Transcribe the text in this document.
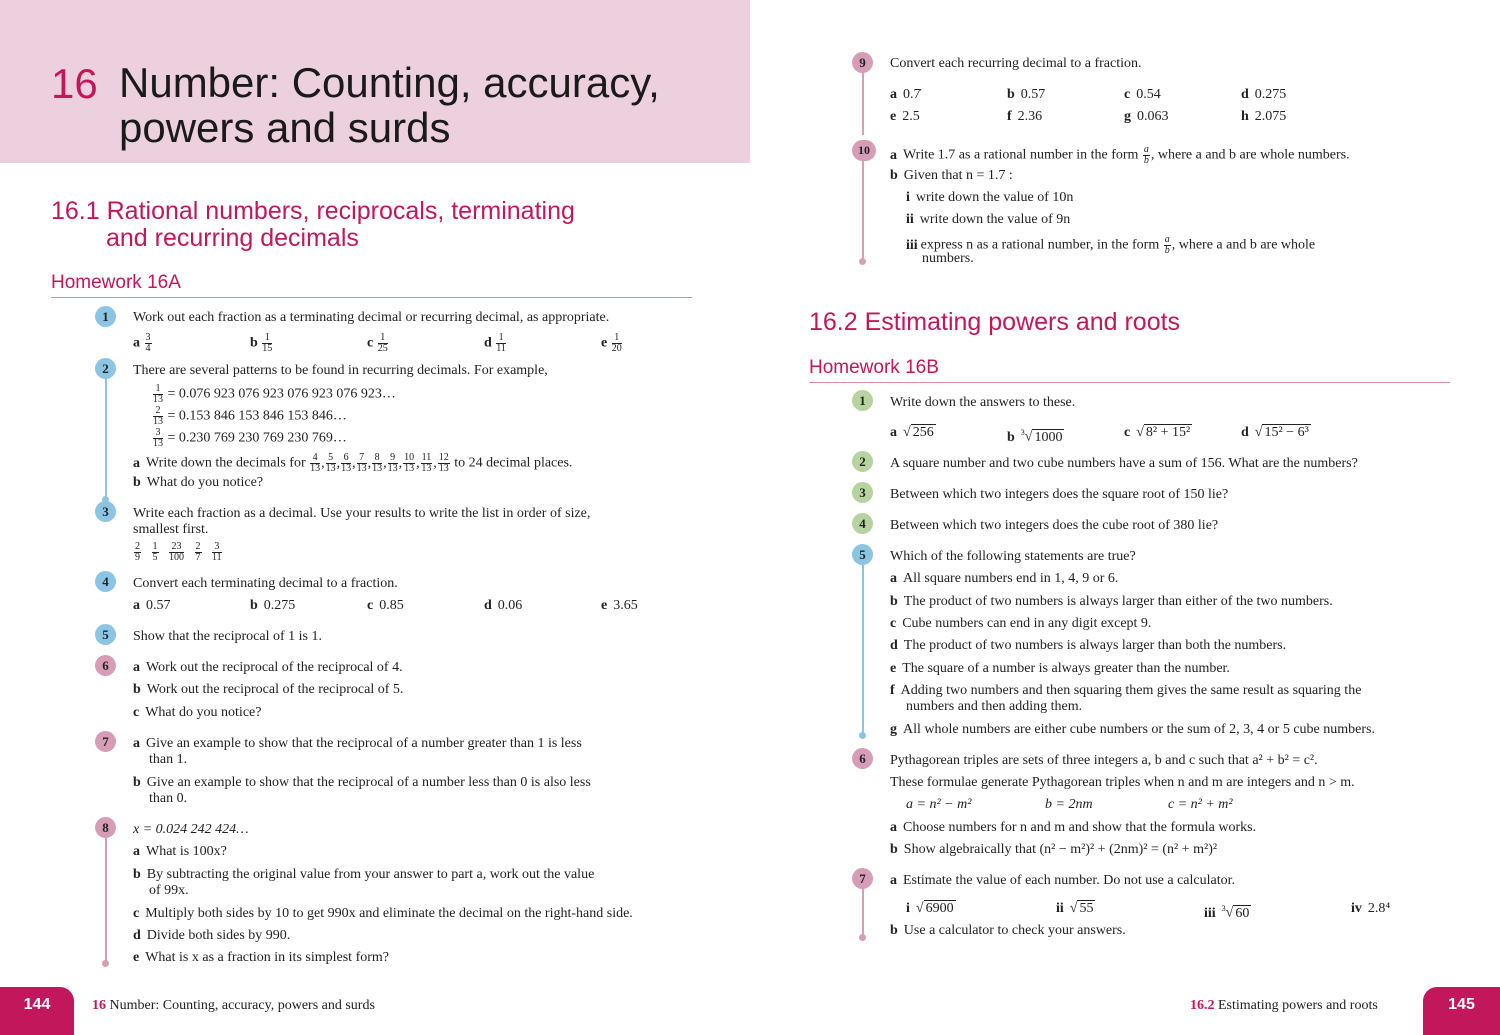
16 Number: Counting, accuracy,
powers and surds
16.1 Rational numbers, reciprocals, terminating
and recurring decimals
Homework 16A
1	Work out each fraction as a terminating decimal or recurring decimal, as appropriate.
a $\frac{3}{4}$	b $\frac{1}{15}$	c $\frac{1}{25}$	d $\frac{1}{11}$	e $\frac{1}{20}$
2	There are several patterns to be found in recurring decimals. For example,
$\frac{1}{13} = 0.076$ 923 076 923 076 923 076 923…
$\frac{2}{13} = 0.153$ 846 153 846 153 846…
$\frac{3}{13} = 0.230$ 769 230 769 230 769…
a Write down the decimals for $\frac{4}{13}$ , $\frac{5}{13}$ , $\frac{6}{13}$ , $\frac{7}{13}$ , $\frac{8}{13}$ , $\frac{9}{13}$ , $\frac{10}{13}$ , $\frac{11}{13}$ , $\frac{12}{13}$ to 24 decimal places.
b What do you notice?
3	Write each fraction as a decimal. Use your results to write the list in order of size,
smallest first.
$\frac{2}{9}$
$\frac{1}{5}$
$\frac{23}{100}$
$\frac{2}{7}$
$\frac{3}{11}$
4	Convert each terminating decimal to a fraction.
a 0.57	b 0.275	c 0.85	d 0.06	e 3.65
5	Show that the reciprocal of 1 is 1.
6	a Work out the reciprocal of the reciprocal of 4.
b Work out the reciprocal of the reciprocal of 5.
c What do you notice?
7	a Give an example to show that the reciprocal of a number greater than 1 is less
than 1.
b Give an example to show that the reciprocal of a number less than 0 is also less
than 0.
8	x = 0.024 242 424…
a What is 100x?
b By subtracting the original value from your answer to part a, work out the value
of 99x.
c Multiply both sides by 10 to get 990x and eliminate the decimal on the right-hand side.
d Divide both sides by 990.
e What is x as a fraction in its simplest form?
144	16 Number: Counting, accuracy, powers and surds
9	Convert each recurring decimal to a fraction.
a 0.7̇	b 0.57	c 0.54	d 0.275
e 2.5	f 2.36	g 0.063	h 2.075
10	a Write 1.7 as a rational number in the form $\frac{a}{b}$ , where a and b are whole numbers.
b Given that n = 1.7 :
i write down the value of 10n
ii write down the value of 9n
iii express n as a rational number, in the form $\frac{a}{b}$ , where a and b are whole
numbers.
16.2 Estimating powers and roots
Homework 16B
1	Write down the answers to these.
a √ 256	b $^3$√ 1000	c √ 8² + 15²	d √ 15² − 6³
2	A square number and two cube numbers have a sum of 156. What are the numbers?
3	Between which two integers does the square root of 150 lie?
4	Between which two integers does the cube root of 380 lie?
5	Which of the following statements are true?
a All square numbers end in 1, 4, 9 or 6.
b The product of two numbers is always larger than either of the two numbers.
c Cube numbers can end in any digit except 9.
d The product of two numbers is always larger than both the numbers.
e The square of a number is always greater than the number.
f Adding two numbers and then squaring them gives the same result as squaring the
numbers and then adding them.
g All whole numbers are either cube numbers or the sum of 2, 3, 4 or 5 cube numbers.
6	Pythagorean triples are sets of three integers a, b and c such that a² + b² = c².
These formulae generate Pythagorean triples when n and m are integers and n > m.
a = n² − m²	b = 2nm	c = n² + m²
a Choose numbers for n and m and show that the formula works.
b Show algebraically that (n² − m²)² + (2nm)² = (n² + m²)²
7	a Estimate the value of each number. Do not use a calculator.
i √ 6900	ii √ 55	iii $^3$√ 60	iv 2.8⁴
b Use a calculator to check your answers.
16.2 Estimating powers and roots	145
